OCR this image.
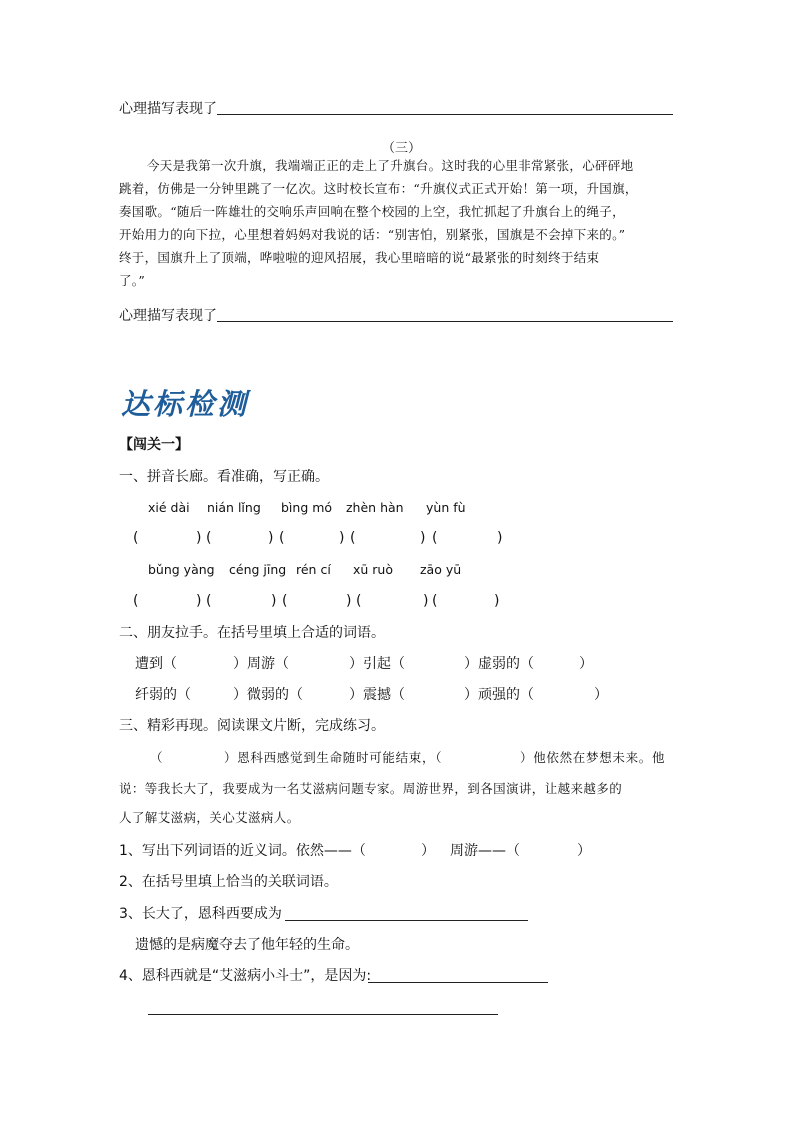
心理描写表现了
（三）
今天是我第一次升旗，我端端正正的走上了升旗台。这时我的心里非常紧张，心砰砰地
跳着，仿佛是一分钟里跳了一亿次。这时校长宣布：“升旗仪式正式开始！第一项，升国旗，
奏国歌。“随后一阵雄壮的交响乐声回响在整个校园的上空，我忙抓起了升旗台上的绳子，
开始用力的向下拉，心里想着妈妈对我说的话：“别害怕，别紧张，国旗是不会掉下来的。”
终于，国旗升上了顶端，哗啦啦的迎风招展，我心里暗暗的说“最紧张的时刻终于结束
了。”
心理描写表现了
达标检测
【闯关一】
一、拼音长廊。看准确，写正确。
xié dài nián lǐng bìng mó zhèn hàn yùn fù
(	) (	) (	) (	) (	)
bǔng yàng céng jīng rén cí xū ruò zāo yū
(	) (	) (	) (	) (	)
二、朋友拉手。在括号里填上合适的词语。
遭到（	）周游（	）引起（	）虚弱的（	）
纤弱的（	）微弱的（	）震撼（	）顽强的（	）
三、精彩再现。阅读课文片断，完成练习。
（	）恩科西感觉到生命随时可能结束，（	）他依然在梦想未来。他
说：等我长大了，我要成为一名艾滋病问题专家。周游世界，到各国演讲，让越来越多的
人了解艾滋病，关心艾滋病人。
1、写出下列词语的近义词。依然——（	） 周游——（	）
2、在括号里填上恰当的关联词语。
3、长大了，恩科西要成为
遗憾的是病魔夺去了他年轻的生命。
4、恩科西就是“艾滋病小斗士”，是因为:
